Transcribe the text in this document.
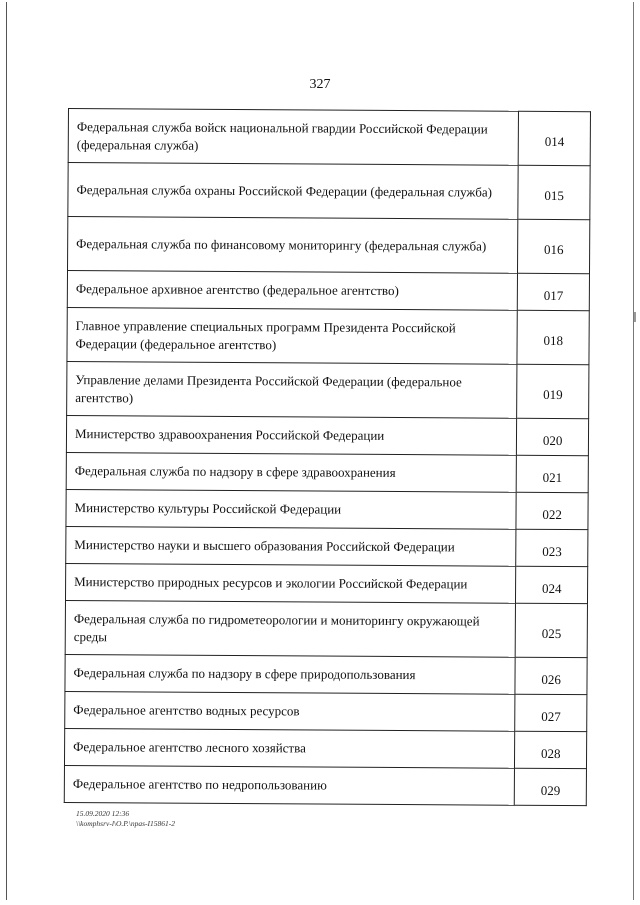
327
Федеральная служба войск национальной гвардии Российской Федерации (федеральная служба)	014
Федеральная служба охраны Российской Федерации (федеральная служба)	015
Федеральная служба по финансовому мониторингу (федеральная служба)	016
Федеральное архивное агентство (федеральное агентство)	017
Главное управление специальных программ Президента Российской Федерации (федеральное агентство)	018
Управление делами Президента Российской Федерации (федеральное агентство)	019
Министерство здравоохранения Российской Федерации	020
Федеральная служба по надзору в сфере здравоохранения	021
Министерство культуры Российской Федерации	022
Министерство науки и высшего образования Российской Федерации	023
Министерство природных ресурсов и экологии Российской Федерации	024
Федеральная служба по гидрометеорологии и мониторингу окружающей среды	025
Федеральная служба по надзору в сфере природопользования	026
Федеральное агентство водных ресурсов	027
Федеральное агентство лесного хозяйства	028
Федеральное агентство по недропользованию	029
15.09.2020 12:36
\\komphsrv-l\O.P.\npas-I15861-2
